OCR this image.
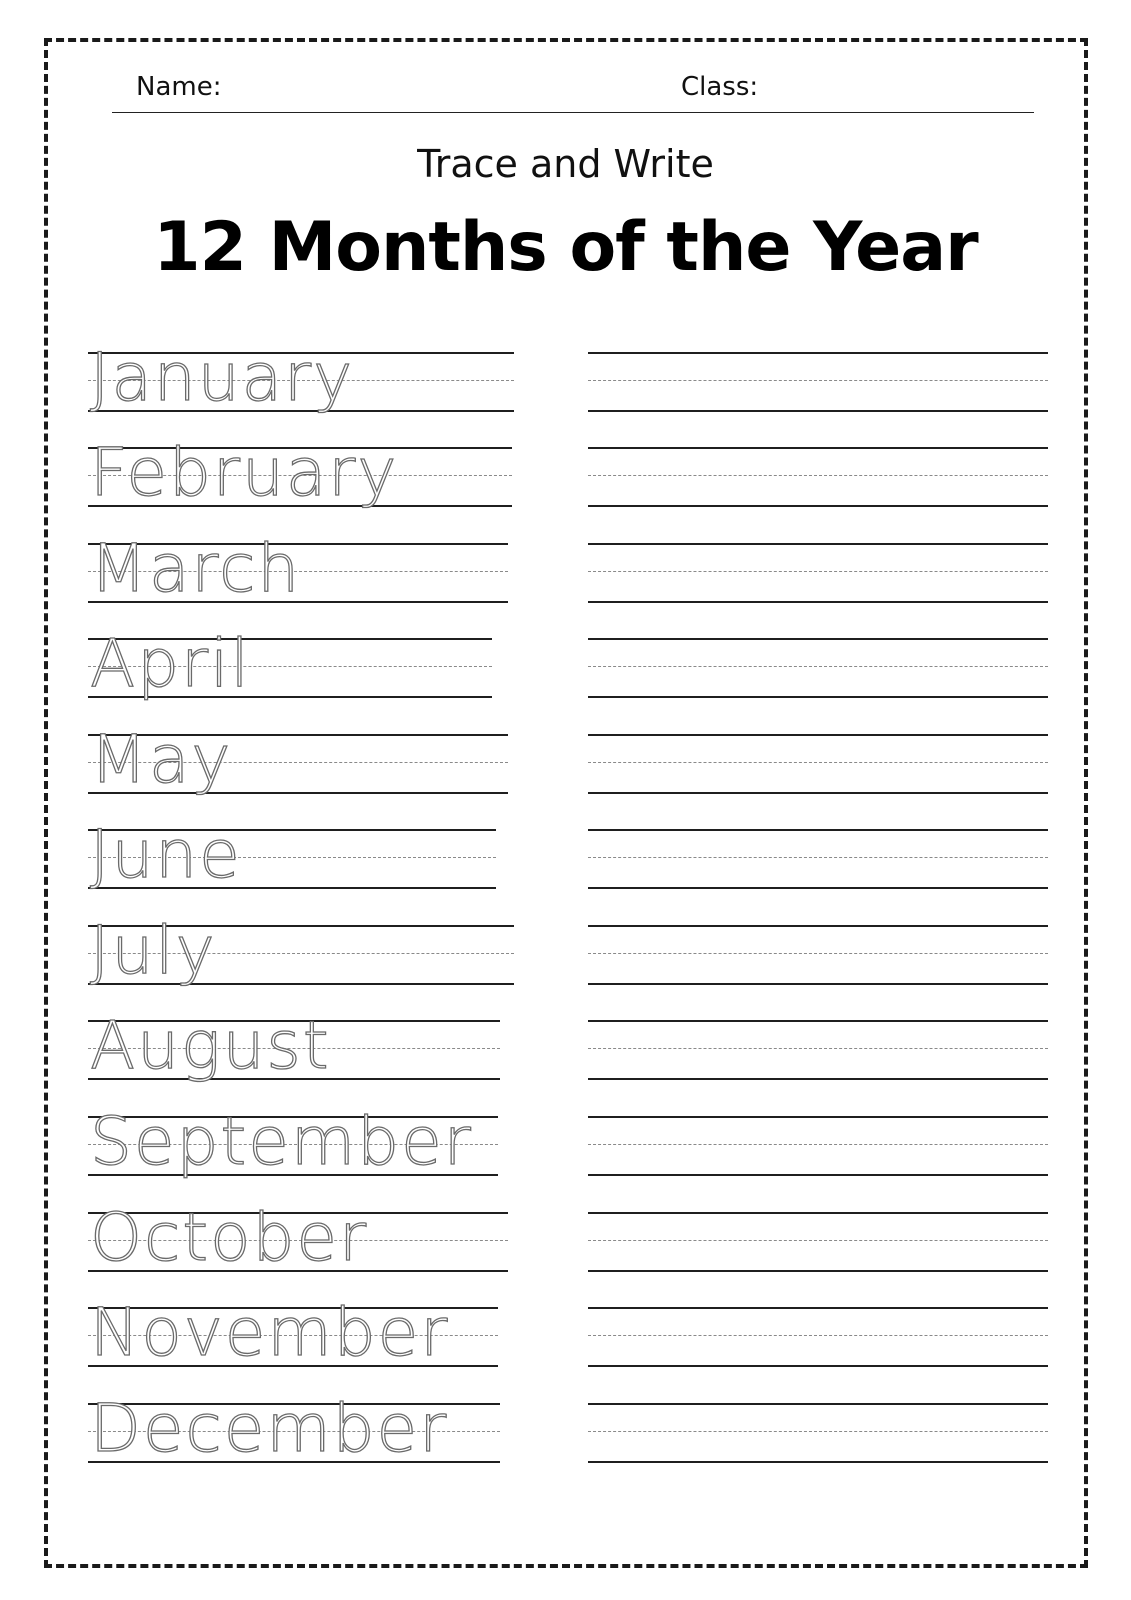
Name:	Class:
Trace and Write
12 Months of the Year
January
February
March
April
May
June
July
August
September
October
November
December
